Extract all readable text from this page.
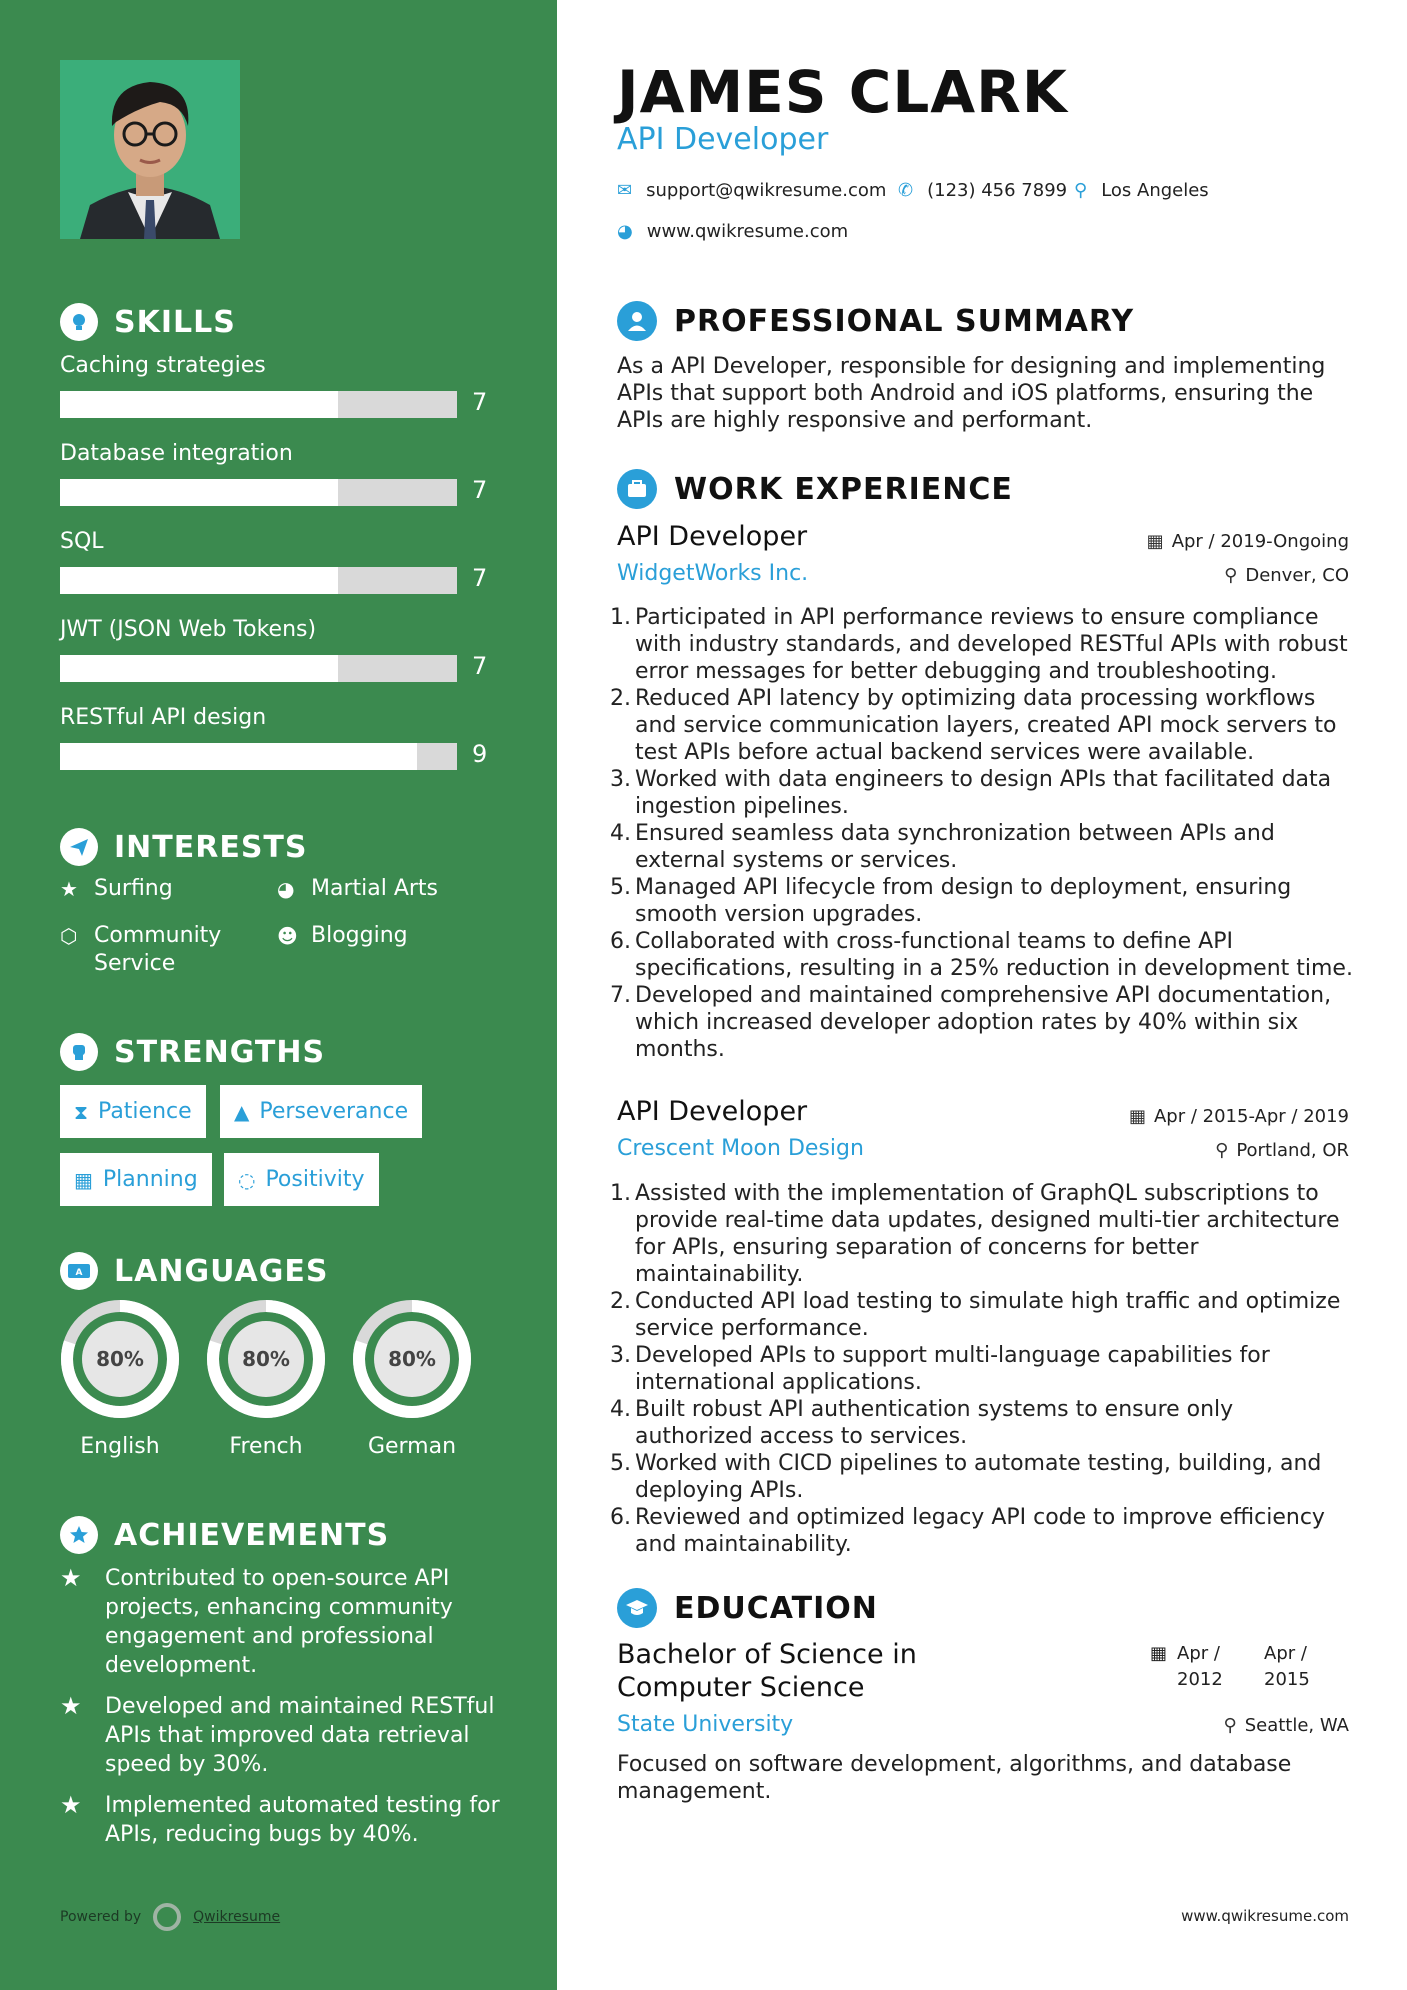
SKILLS
Caching strategies
7
Database integration
7
SQL
7
JWT (JSON Web Tokens)
7
RESTful API design
9
INTERESTS
★ Surfing	◕ Martial Arts
⬡ Community Service
☻ Blogging
STRENGTHS
⧗ Patience ▲ Perseverance
▦ Planning ◌ Positivity
A LANGUAGES
80%
English
80%
French
80%
German
ACHIEVEMENTS
★	Contributed to open-source API projects, enhancing community engagement and professional development.
★	Developed and maintained RESTful APIs that improved data retrieval speed by 30%.
★	Implemented automated testing for APIs, reducing bugs by 40%.
Powered by	Qwikresume
JAMES CLARK
API Developer
✉ support@qwikresume.com ✆ (123) 456 7899 ⚲ Los Angeles
◕ www.qwikresume.com
PROFESSIONAL SUMMARY
As a API Developer, responsible for designing and implementing APIs that support both Android and iOS platforms, ensuring the APIs are highly responsive and performant.
WORK EXPERIENCE
API Developer	▦ Apr / 2019-Ongoing
WidgetWorks Inc.	⚲ Denver, CO
1. Participated in API performance reviews to ensure compliance with industry standards, and developed RESTful APIs with robust error messages for better debugging and troubleshooting.
2. Reduced API latency by optimizing data processing workflows and service communication layers, created API mock servers to test APIs before actual backend services were available.
3. Worked with data engineers to design APIs that facilitated data ingestion pipelines.
4. Ensured seamless data synchronization between APIs and external systems or services.
5. Managed API lifecycle from design to deployment, ensuring smooth version upgrades.
6. Collaborated with cross-functional teams to define API specifications, resulting in a 25% reduction in development time.
7. Developed and maintained comprehensive API documentation, which increased developer adoption rates by 40% within six months.
API Developer	▦ Apr / 2015-Apr / 2019
Crescent Moon Design	⚲ Portland, OR
1. Assisted with the implementation of GraphQL subscriptions to provide real-time data updates, designed multi-tier architecture for APIs, ensuring separation of concerns for better maintainability.
2. Conducted API load testing to simulate high traffic and optimize service performance.
3. Developed APIs to support multi-language capabilities for international applications.
4. Built robust API authentication systems to ensure only authorized access to services.
5. Worked with CICD pipelines to automate testing, building, and deploying APIs.
6. Reviewed and optimized legacy API code to improve efficiency and maintainability.
EDUCATION
Bachelor of Science in Computer Science
▦ Apr / 2012
Apr / 2015
State University	⚲ Seattle, WA
Focused on software development, algorithms, and database management.
www.qwikresume.com
